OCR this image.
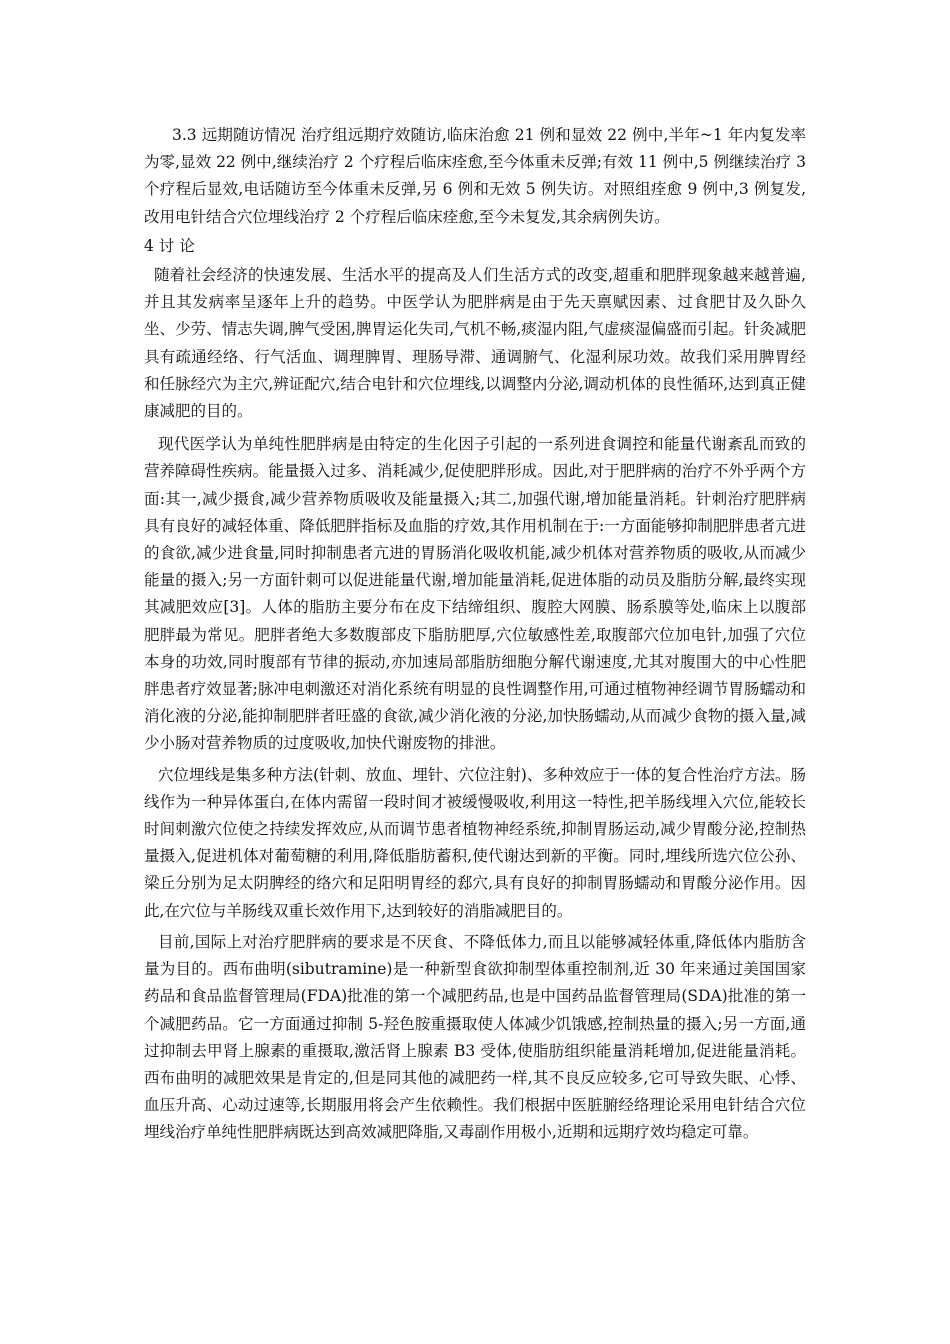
3.3 远期随访情况 治疗组远期疗效随访,临床治愈 21 例和显效 22 例中,半年~1 年内复发率为零,显效 22 例中,继续治疗 2 个疗程后临床痊愈,至今体重未反弹;有效 11 例中,5 例继续治疗 3 个疗程后显效,电话随访至今体重未反弹,另 6 例和无效 5 例失访。对照组痊愈 9 例中,3 例复发,改用电针结合穴位埋线治疗 2 个疗程后临床痊愈,至今未复发,其余病例失访。

4 讨 论

随着社会经济的快速发展、生活水平的提高及人们生活方式的改变,超重和肥胖现象越来越普遍,并且其发病率呈逐年上升的趋势。中医学认为肥胖病是由于先天禀赋因素、过食肥甘及久卧久坐、少劳、情志失调,脾气受困,脾胃运化失司,气机不畅,痰湿内阻,气虚痰湿偏盛而引起。针灸减肥具有疏通经络、行气活血、调理脾胃、理肠导滞、通调腑气、化湿利尿功效。故我们采用脾胃经和任脉经穴为主穴,辨证配穴,结合电针和穴位埋线,以调整内分泌,调动机体的良性循环,达到真正健康减肥的目的。

现代医学认为单纯性肥胖病是由特定的生化因子引起的一系列进食调控和能量代谢紊乱而致的营养障碍性疾病。能量摄入过多、消耗减少,促使肥胖形成。因此,对于肥胖病的治疗不外乎两个方面:其一,减少摄食,减少营养物质吸收及能量摄入;其二,加强代谢,增加能量消耗。针刺治疗肥胖病具有良好的减轻体重、降低肥胖指标及血脂的疗效,其作用机制在于:一方面能够抑制肥胖患者亢进的食欲,减少进食量,同时抑制患者亢进的胃肠消化吸收机能,减少机体对营养物质的吸收,从而减少能量的摄入;另一方面针刺可以促进能量代谢,增加能量消耗,促进体脂的动员及脂肪分解,最终实现其减肥效应[3]。人体的脂肪主要分布在皮下结缔组织、腹腔大网膜、肠系膜等处,临床上以腹部肥胖最为常见。肥胖者绝大多数腹部皮下脂肪肥厚,穴位敏感性差,取腹部穴位加电针,加强了穴位本身的功效,同时腹部有节律的振动,亦加速局部脂肪细胞分解代谢速度,尤其对腹围大的中心性肥胖患者疗效显著;脉冲电刺激还对消化系统有明显的良性调整作用,可通过植物神经调节胃肠蠕动和消化液的分泌,能抑制肥胖者旺盛的食欲,减少消化液的分泌,加快肠蠕动,从而减少食物的摄入量,减少小肠对营养物质的过度吸收,加快代谢废物的排泄。

穴位埋线是集多种方法(针刺、放血、埋针、穴位注射)、多种效应于一体的复合性治疗方法。肠线作为一种异体蛋白,在体内需留一段时间才被缓慢吸收,利用这一特性,把羊肠线埋入穴位,能较长时间刺激穴位使之持续发挥效应,从而调节患者植物神经系统,抑制胃肠运动,减少胃酸分泌,控制热量摄入,促进机体对葡萄糖的利用,降低脂肪蓄积,使代谢达到新的平衡。同时,埋线所选穴位公孙、梁丘分别为足太阴脾经的络穴和足阳明胃经的郄穴,具有良好的抑制胃肠蠕动和胃酸分泌作用。因此,在穴位与羊肠线双重长效作用下,达到较好的消脂减肥目的。

目前,国际上对治疗肥胖病的要求是不厌食、不降低体力,而且以能够减轻体重,降低体内脂肪含量为目的。西布曲明(sibutramine)是一种新型食欲抑制型体重控制剂,近 30 年来通过美国国家药品和食品监督管理局(FDA)批准的第一个减肥药品,也是中国药品监督管理局(SDA)批准的第一个减肥药品。它一方面通过抑制 5-羟色胺重摄取使人体减少饥饿感,控制热量的摄入;另一方面,通过抑制去甲肾上腺素的重摄取,激活肾上腺素 B3 受体,使脂肪组织能量消耗增加,促进能量消耗。西布曲明的减肥效果是肯定的,但是同其他的减肥药一样,其不良反应较多,它可导致失眠、心悸、血压升高、心动过速等,长期服用将会产生依赖性。我们根据中医脏腑经络理论采用电针结合穴位埋线治疗单纯性肥胖病既达到高效减肥降脂,又毒副作用极小,近期和远期疗效均稳定可靠。
